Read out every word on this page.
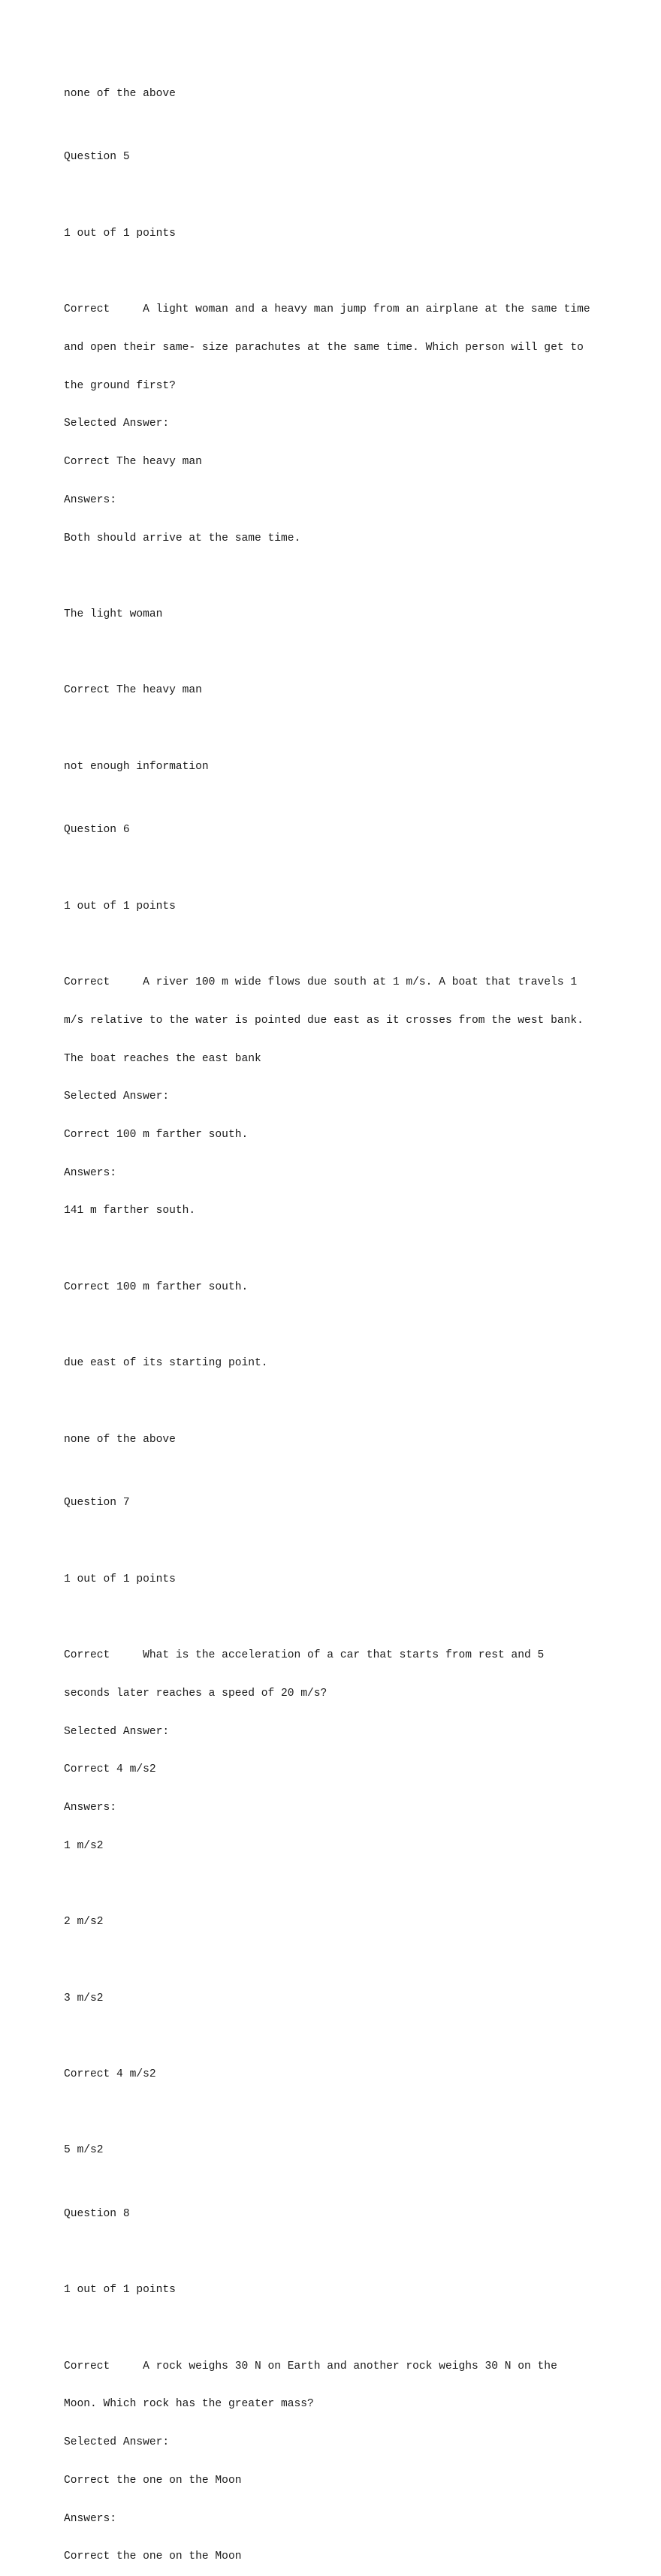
none of the above

Question 5

1 out of 1 points

Correct     A light woman and a heavy man jump from an airplane at the same time

and open their same- size parachutes at the same time. Which person will get to

the ground first?

Selected Answer:

Correct The heavy man

Answers:

Both should arrive at the same time.

The light woman

Correct The heavy man

not enough information

Question 6

1 out of 1 points

Correct     A river 100 m wide flows due south at 1 m/s. A boat that travels 1

m/s relative to the water is pointed due east as it crosses from the west bank.

The boat reaches the east bank

Selected Answer:

Correct 100 m farther south.

Answers:

141 m farther south.

Correct 100 m farther south.

due east of its starting point.

none of the above

Question 7

1 out of 1 points

Correct     What is the acceleration of a car that starts from rest and 5

seconds later reaches a speed of 20 m/s?

Selected Answer:

Correct 4 m/s2

Answers:

1 m/s2

2 m/s2

3 m/s2

Correct 4 m/s2

5 m/s2

Question 8

1 out of 1 points

Correct     A rock weighs 30 N on Earth and another rock weighs 30 N on the

Moon. Which rock has the greater mass?

Selected Answer:

Correct the one on the Moon

Answers:

Correct the one on the Moon
